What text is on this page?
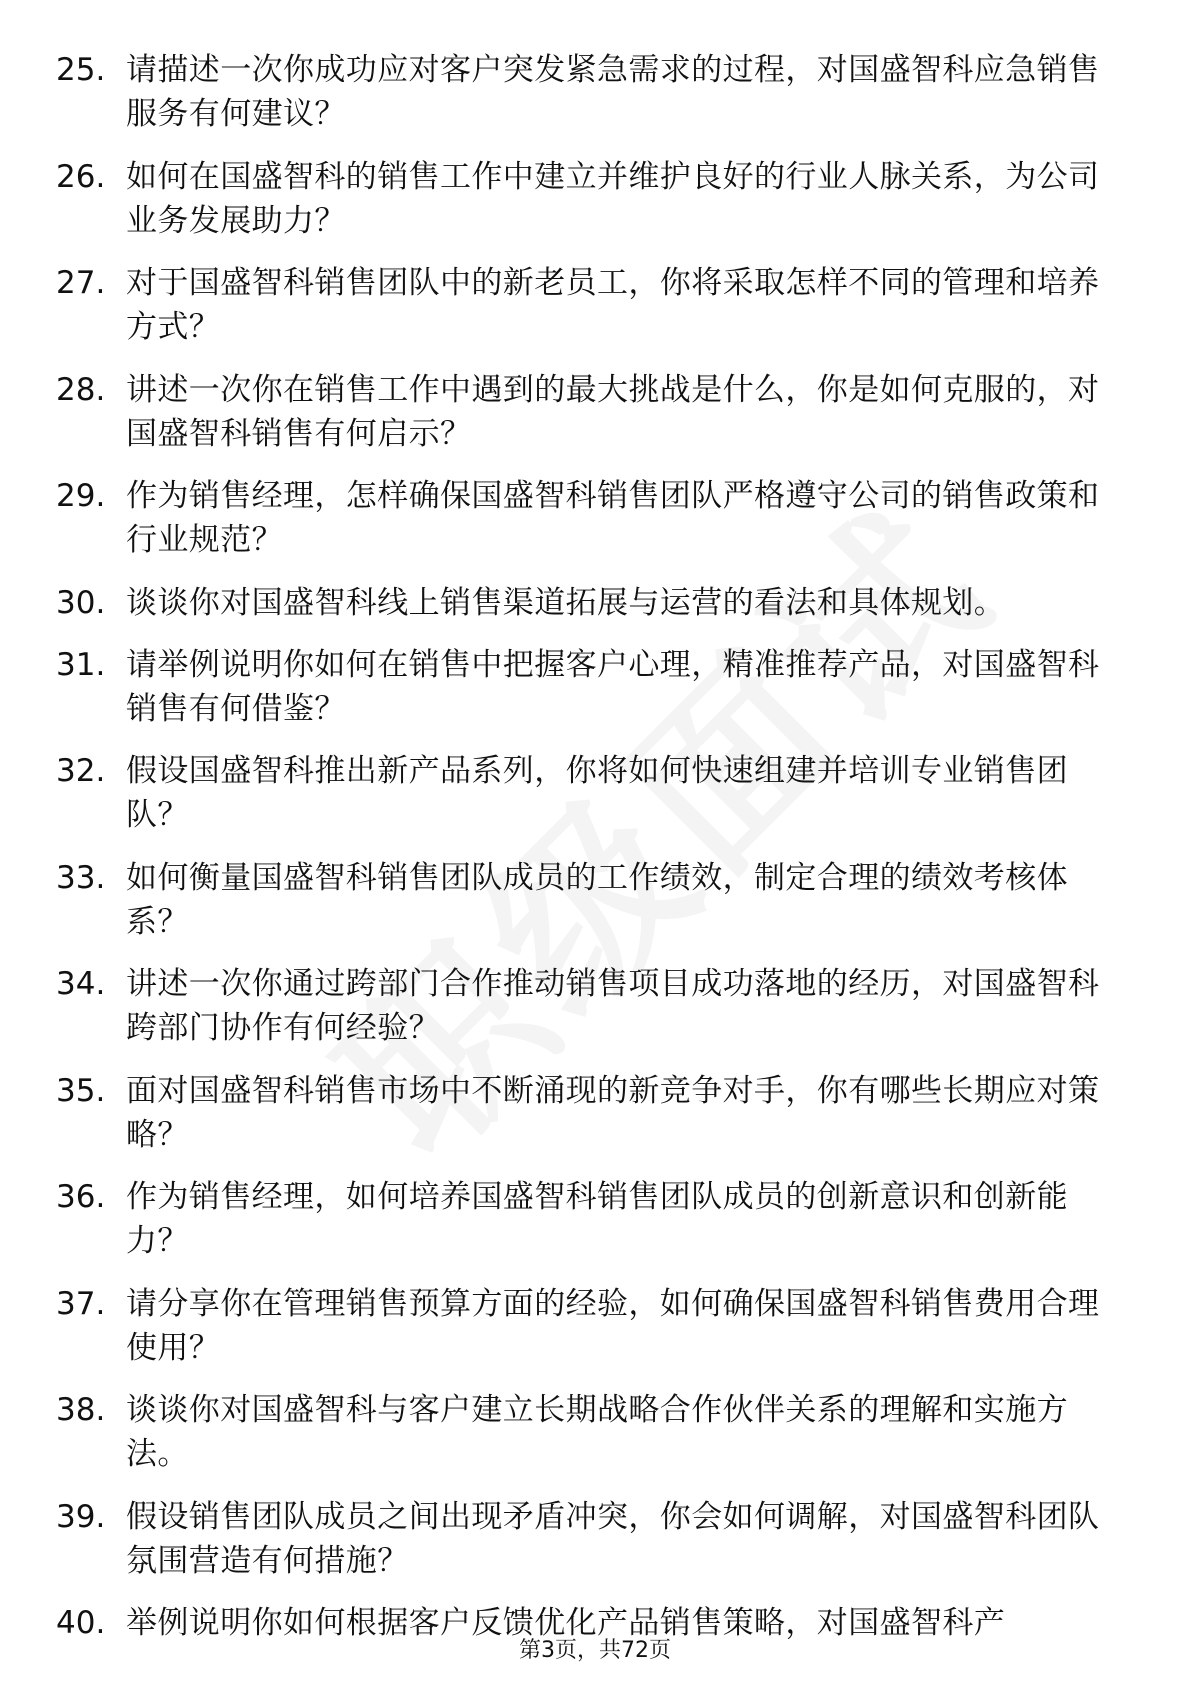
25. 请描述一次你成功应对客户突发紧急需求的过程，对国盛智科应急销售服务有何建议？
26. 如何在国盛智科的销售工作中建立并维护良好的行业人脉关系，为公司业务发展助力？
27. 对于国盛智科销售团队中的新老员工，你将采取怎样不同的管理和培养方式？
28. 讲述一次你在销售工作中遇到的最大挑战是什么，你是如何克服的，对国盛智科销售有何启示？
29. 作为销售经理，怎样确保国盛智科销售团队严格遵守公司的销售政策和行业规范？
30. 谈谈你对国盛智科线上销售渠道拓展与运营的看法和具体规划。
31. 请举例说明你如何在销售中把握客户心理，精准推荐产品，对国盛智科销售有何借鉴？
32. 假设国盛智科推出新产品系列，你将如何快速组建并培训专业销售团队？
33. 如何衡量国盛智科销售团队成员的工作绩效，制定合理的绩效考核体系？
34. 讲述一次你通过跨部门合作推动销售项目成功落地的经历，对国盛智科跨部门协作有何经验？
35. 面对国盛智科销售市场中不断涌现的新竞争对手，你有哪些长期应对策略？
36. 作为销售经理，如何培养国盛智科销售团队成员的创新意识和创新能力？
37. 请分享你在管理销售预算方面的经验，如何确保国盛智科销售费用合理使用？
38. 谈谈你对国盛智科与客户建立长期战略合作伙伴关系的理解和实施方法。
39. 假设销售团队成员之间出现矛盾冲突，你会如何调解，对国盛智科团队氛围营造有何措施？
40. 举例说明你如何根据客户反馈优化产品销售策略，对国盛智科产
第3页，共72页
